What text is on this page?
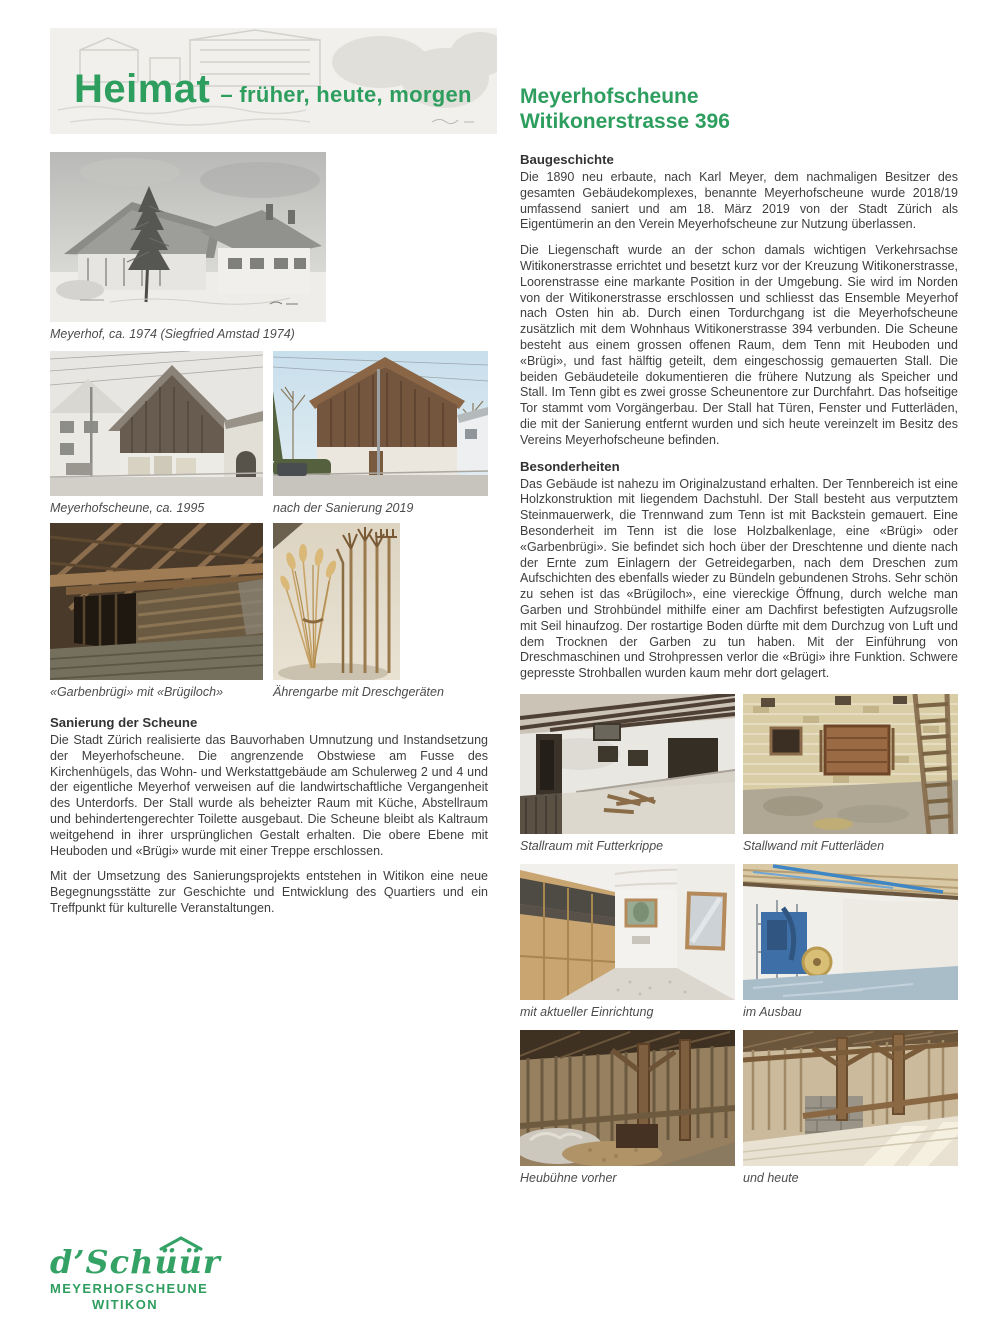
Heimat – früher, heute, morgen
Meyerhof, ca. 1974 (Siegfried Amstad 1974)
Meyerhofscheune, ca. 1995	nach der Sanierung 2019
«Garbenbrügi» mit «Brügiloch»	Ährengarbe mit Dreschgeräten
Sanierung der Scheune

Die Stadt Zürich realisierte das Bauvorhaben Umnutzung und Instandsetzung der Meyerhofscheune. Die angrenzende Obstwiese am Fusse des Kirchenhügels, das Wohn- und Werkstattgebäude am Schulerweg 2 und 4 und der eigentliche Meyerhof verweisen auf die landwirtschaftliche Vergangenheit des Unterdorfs. Der Stall wurde als beheizter Raum mit Küche, Abstellraum und behindertengerechter Toilette ausgebaut. Die Scheune bleibt als Kaltraum weitgehend in ihrer ursprünglichen Gestalt erhalten. Die obere Ebene mit Heuboden und «Brügi» wurde mit einer Treppe erschlossen.

Mit der Umsetzung des Sanierungsprojekts entstehen in Witikon eine neue Begegnungsstätte zur Geschichte und Entwicklung des Quartiers und ein Treffpunkt für kulturelle Veranstaltungen.

Meyerhofscheune
Witikonerstrasse 396
Baugeschichte

Die 1890 neu erbaute, nach Karl Meyer, dem nachmaligen Besitzer des gesamten Gebäudekomplexes, benannte Meyerhofscheune wurde 2018/19 umfassend saniert und am 18. März 2019 von der Stadt Zürich als Eigentümerin an den Verein Meyerhofscheune zur Nutzung überlassen.

Die Liegenschaft wurde an der schon damals wichtigen Verkehrsachse Witikonerstrasse errichtet und besetzt kurz vor der Kreuzung Witikonerstrasse, Loorenstrasse eine markante Position in der Umgebung. Sie wird im Norden von der Witikonerstrasse erschlossen und schliesst das Ensemble Meyerhof nach Osten hin ab. Durch einen Tordurchgang ist die Meyerhofscheune zusätzlich mit dem Wohnhaus Witikonerstrasse 394 verbunden. Die Scheune besteht aus einem grossen offenen Raum, dem Tenn mit Heuboden und «Brügi», und fast hälftig geteilt, dem eingeschossig gemauerten Stall. Die beiden Gebäudeteile dokumentieren die frühere Nutzung als Speicher und Stall. Im Tenn gibt es zwei grosse Scheunentore zur Durchfahrt. Das hofseitige Tor stammt vom Vorgängerbau. Der Stall hat Türen, Fenster und Futterläden, die mit der Sanierung entfernt wurden und sich heute vereinzelt im Besitz des Vereins Meyerhofscheune befinden.

Besonderheiten

Das Gebäude ist nahezu im Originalzustand erhalten. Der Tennbereich ist eine Holzkonstruktion mit liegendem Dachstuhl. Der Stall besteht aus verputztem Steinmauerwerk, die Trennwand zum Tenn ist mit Backstein gemauert. Eine Besonderheit im Tenn ist die lose Holzbalkenlage, eine «Brügi» oder «Garbenbrügi». Sie befindet sich hoch über der Dreschtenne und diente nach der Ernte zum Einlagern der Getreidegarben, nach dem Dreschen zum Aufschichten des ebenfalls wieder zu Bündeln gebundenen Strohs. Sehr schön zu sehen ist das «Brügiloch», eine viereckige Öffnung, durch welche man Garben und Strohbündel mithilfe einer am Dachfirst befestigten Aufzugsrolle mit Seil hinaufzog. Der rostartige Boden dürfte mit dem Durchzug von Luft und dem Trocknen der Garben zu tun haben. Mit der Einführung von Dreschmaschinen und Strohpressen verlor die «Brügi» ihre Funktion. Schwere gepresste Strohballen wurden kaum mehr dort gelagert.

Stallraum mit Futterkrippe	Stallwand mit Futterläden
mit aktueller Einrichtung	im Ausbau
Heubühne vorher	und heute
d’Schüür
MEYERHOFSCHEUNE
WITIKON
